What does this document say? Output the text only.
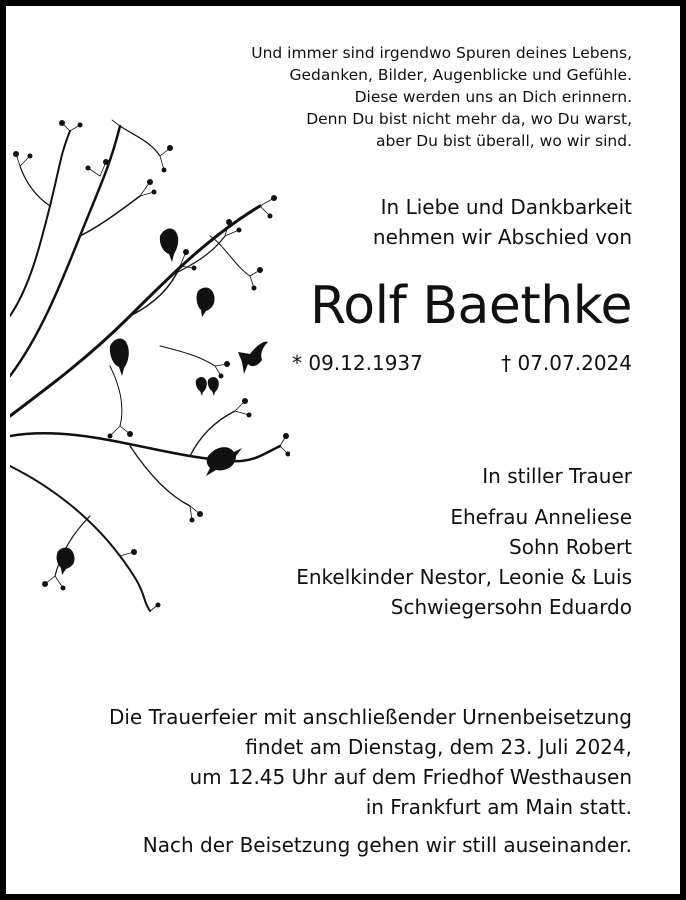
Und immer sind irgendwo Spuren deines Lebens,
Gedanken, Bilder, Augenblicke und Gefühle.
Diese werden uns an Dich erinnern.
Denn Du bist nicht mehr da, wo Du warst,
aber Du bist überall, wo wir sind.
In Liebe und Dankbarkeit
nehmen wir Abschied von
Rolf Baethke
* 09.12.1937	† 07.07.2024
In stiller Trauer
Ehefrau Anneliese
Sohn Robert
Enkelkinder Nestor, Leonie & Luis
Schwiegersohn Eduardo
Die Trauerfeier mit anschließender Urnenbeisetzung
findet am Dienstag, dem 23. Juli 2024,
um 12.45 Uhr auf dem Friedhof Westhausen
in Frankfurt am Main statt.
Nach der Beisetzung gehen wir still auseinander.
